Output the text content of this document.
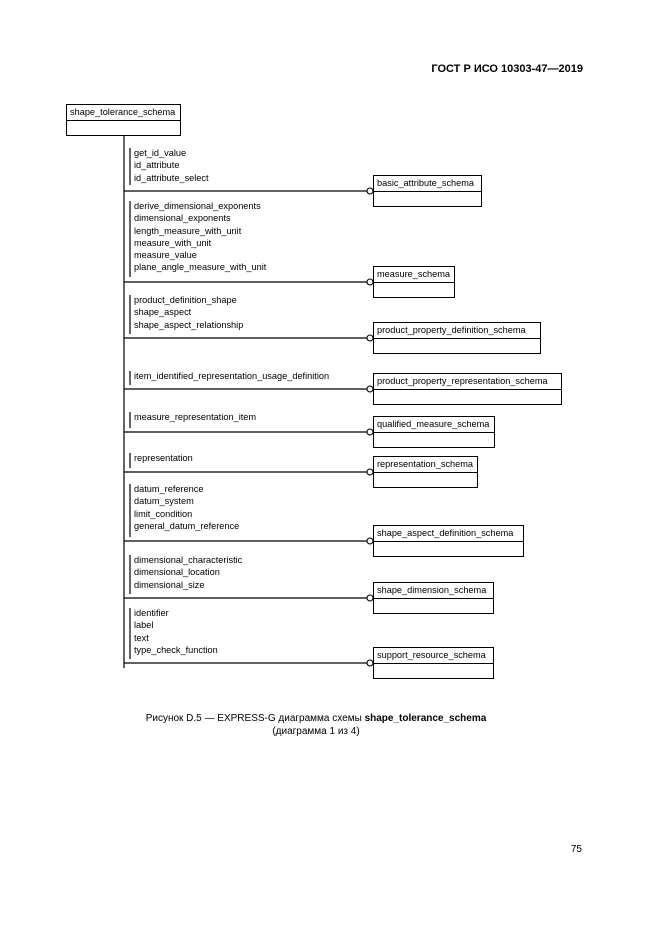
ГОСТ Р ИСО 10303-47—2019
shape_tolerance_schema
get_id_value
id_attribute
id_attribute_select
basic_attribute_schema
derive_dimensional_exponents
dimensional_exponents
length_measure_with_unit
measure_with_unit
measure_value
plane_angle_measure_with_unit
measure_schema
product_definition_shape
shape_aspect
shape_aspect_relationship
product_property_definition_schema
item_identified_representation_usage_definition	product_property_representation_schema
measure_representation_item
qualified_measure_schema
representation
representation_schema
datum_reference
datum_system
limit_condition
general_datum_reference
shape_aspect_definition_schema
dimensional_characteristic
dimensional_location
dimensional_size
shape_dimension_schema
identifier
label
text
type_check_function
support_resource_schema
Рисунок D.5 — EXPRESS-G диаграмма схемы shape_tolerance_schema
(диаграмма 1 из 4)
75
